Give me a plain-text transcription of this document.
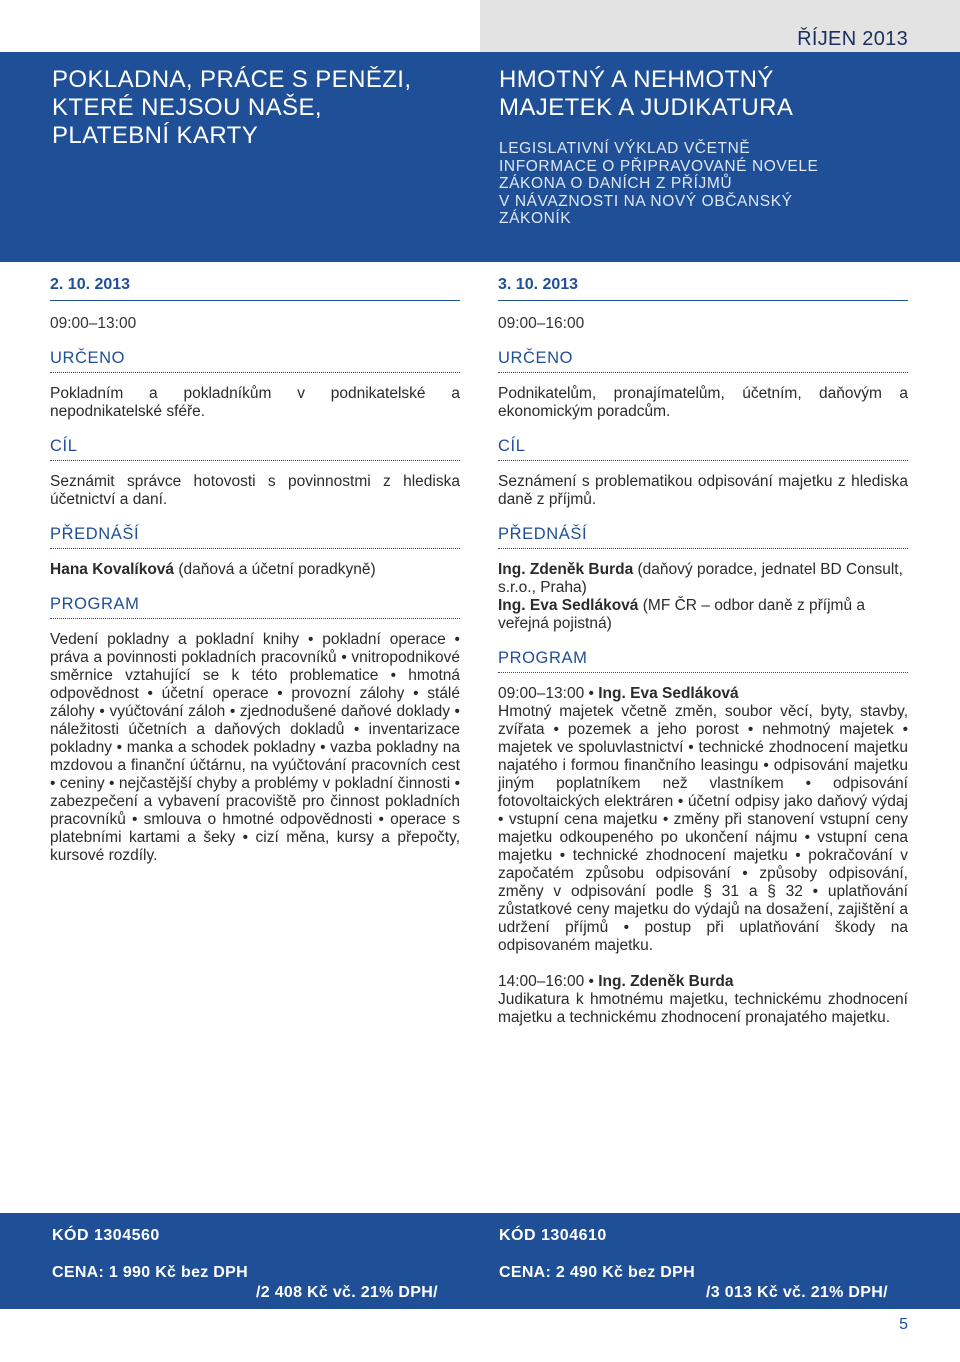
ŘÍJEN 2013
POKLADNA, PRÁCE S PENĚZI,
KTERÉ NEJSOU NAŠE,
PLATEBNÍ KARTY
HMOTNÝ A NEHMOTNÝ
MAJETEK A JUDIKATURA
LEGISLATIVNÍ VÝKLAD VČETNĚ
INFORMACE O PŘIPRAVOVANÉ NOVELE
ZÁKONA O DANÍCH Z PŘÍJMŮ
V NÁVAZNOSTI NA NOVÝ OBČANSKÝ
ZÁKONÍK
2. 10. 2013
09:00–13:00
URČENO
Pokladním a pokladníkům v podnikatelské a nepodnikatelské sféře.
CÍL
Seznámit správce hotovosti s povinnostmi z hlediska účetnictví a daní.
PŘEDNÁŠÍ
Hana Kovalíková (daňová a účetní poradkyně)
PROGRAM
Vedení pokladny a pokladní knihy • pokladní operace • práva a povinnosti pokladních pracovníků • vnitropodnikové směrnice vztahující se k této problematice • hmotná odpovědnost • účetní operace • provozní zálohy • stálé zálohy • vyúčtování záloh • zjednodušené daňové doklady • náležitosti účetních a daňových dokladů • inventarizace pokladny • manka a schodek pokladny • vazba pokladny na mzdovou a finanční účtárnu, na vyúčtování pracovních cest • ceniny • nejčastější chyby a problémy v pokladní činnosti • zabezpečení a vybavení pracoviště pro činnost pokladních pracovníků • smlouva o hmotné odpovědnosti • operace s platebními kartami a šeky • cizí měna, kursy a přepočty, kursové rozdíly.
3. 10. 2013
09:00–16:00
URČENO
Podnikatelům, pronajímatelům, účetním, daňovým a ekonomickým poradcům.
CÍL
Seznámení s problematikou odpisování majetku z hlediska daně z příjmů.
PŘEDNÁŠÍ
Ing. Zdeněk Burda (daňový poradce, jednatel BD Consult, s.r.o., Praha)
Ing. Eva Sedláková (MF ČR – odbor daně z příjmů a veřejná pojistná)
PROGRAM
09:00–13:00 • Ing. Eva Sedláková
Hmotný majetek včetně změn, soubor věcí, byty, stavby, zvířata • pozemek a jeho porost • nehmotný majetek • majetek ve spoluvlastnictví • technické zhodnocení majetku najatého i formou finančního leasingu • odpisování majetku jiným poplatníkem než vlastníkem • odpisování fotovoltaických elektráren • účetní odpisy jako daňový výdaj • vstupní cena majetku • změny při stanovení vstupní ceny majetku odkoupeného po ukončení nájmu • vstupní cena majetku • technické zhodnocení majetku • pokračování v započatém způsobu odpisování • způsoby odpisování, změny v odpisování podle § 31 a § 32 • uplatňování zůstatkové ceny majetku do výdajů na dosažení, zajištění a udržení příjmů • postup při uplatňování škody na odpisovaném majetku.
14:00–16:00 • Ing. Zdeněk Burda
Judikatura k hmotnému majetku, technickému zhodnocení majetku a technickému zhodnocení pronajatého majetku.
KÓD 1304560
CENA: 1 990 Kč bez DPH
/2 408 Kč vč. 21% DPH/
KÓD 1304610
CENA: 2 490 Kč bez DPH
/3 013 Kč vč. 21% DPH/
5
